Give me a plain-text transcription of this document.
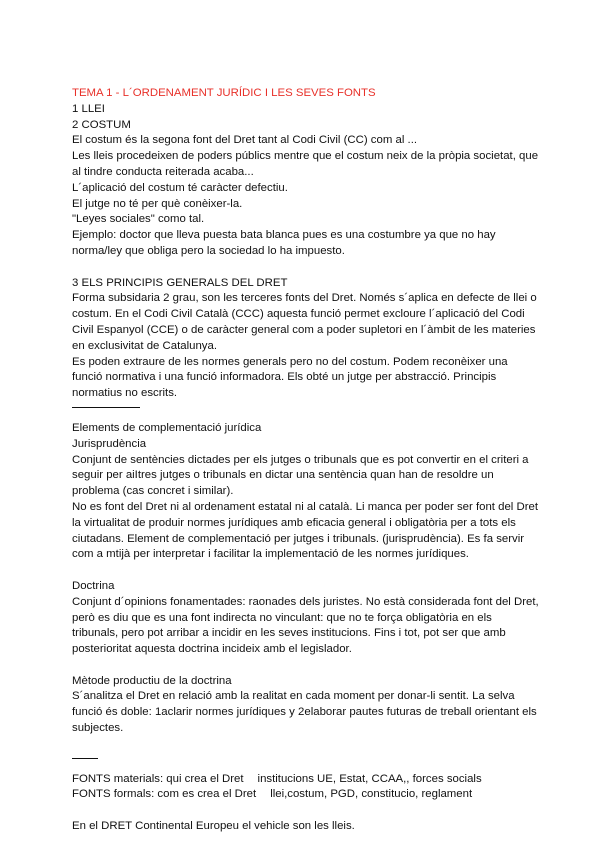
TEMA 1 - L´ORDENAMENT JURÍDIC I LES SEVES FONTS
1 LLEI
2 COSTUM
El costum és la segona font del Dret tant al Codi Civil (CC) com al ...
Les lleis procedeixen de poders públics mentre que el costum neix de la pròpia societat, que
al tindre conducta reiterada acaba...
L´aplicació del costum té caràcter defectiu.
El jutge no té per què conèixer-la.
"Leyes sociales" como tal.
Ejemplo: doctor que lleva puesta bata blanca pues es una costumbre ya que no hay
norma/ley que obliga pero la sociedad lo ha impuesto.
3 ELS PRINCIPIS GENERALS DEL DRET
Forma subsidaria 2 grau, son les terceres fonts del Dret. Només s´aplica en defecte de llei o
costum. En el Codi Civil Català (CCC) aquesta funció permet excloure l´aplicació del Codi
Civil Espanyol (CCE) o de caràcter general com a poder supletori en l´àmbit de les materies
en exclusivitat de Catalunya.
Es poden extraure de les normes generals pero no del costum. Podem reconèixer una
funció normativa i una funció informadora. Els obté un jutge per abstracció. Principis
normatius no escrits.
Elements de complementació jurídica
Jurisprudència
Conjunt de sentències dictades per els jutges o tribunals que es pot convertir en el criteri a
seguir per aiItres jutges o tribunals en dictar una sentència quan han de resoldre un
problema (cas concret i similar).
No es font del Dret ni al ordenament estatal ni al català. Li manca per poder ser font del Dret
la virtualitat de produir normes jurídiques amb eficacia general i obligatòria per a tots els
ciutadans. Element de complementació per jutges i tribunals. (jurisprudència). Es fa servir
com a mtijà per interpretar i facilitar la implementació de les normes jurídiques.
Doctrina
Conjunt d´opinions fonamentades: raonades dels juristes. No està considerada font del Dret,
però es diu que es una font indirecta no vinculant: que no te força obligatòria en els
tribunals, pero pot arribar a incidir en les seves institucions. Fins i tot, pot ser que amb
posterioritat aquesta doctrina incideix amb el legislador.
Mètode productiu de la doctrina
S´analitza el Dret en relació amb la realitat en cada moment per donar-li sentit. La selva
funció és doble: 1aclarir normes jurídiques y 2elaborar pautes futuras de treball orientant els
subjectes.
FONTS materials: qui crea el Dret institucions UE, Estat, CCAA,, forces socials
FONTS formals: com es crea el Dret llei,costum, PGD, constitucio, reglament
En el DRET Continental Europeu el vehicle son les lleis.
